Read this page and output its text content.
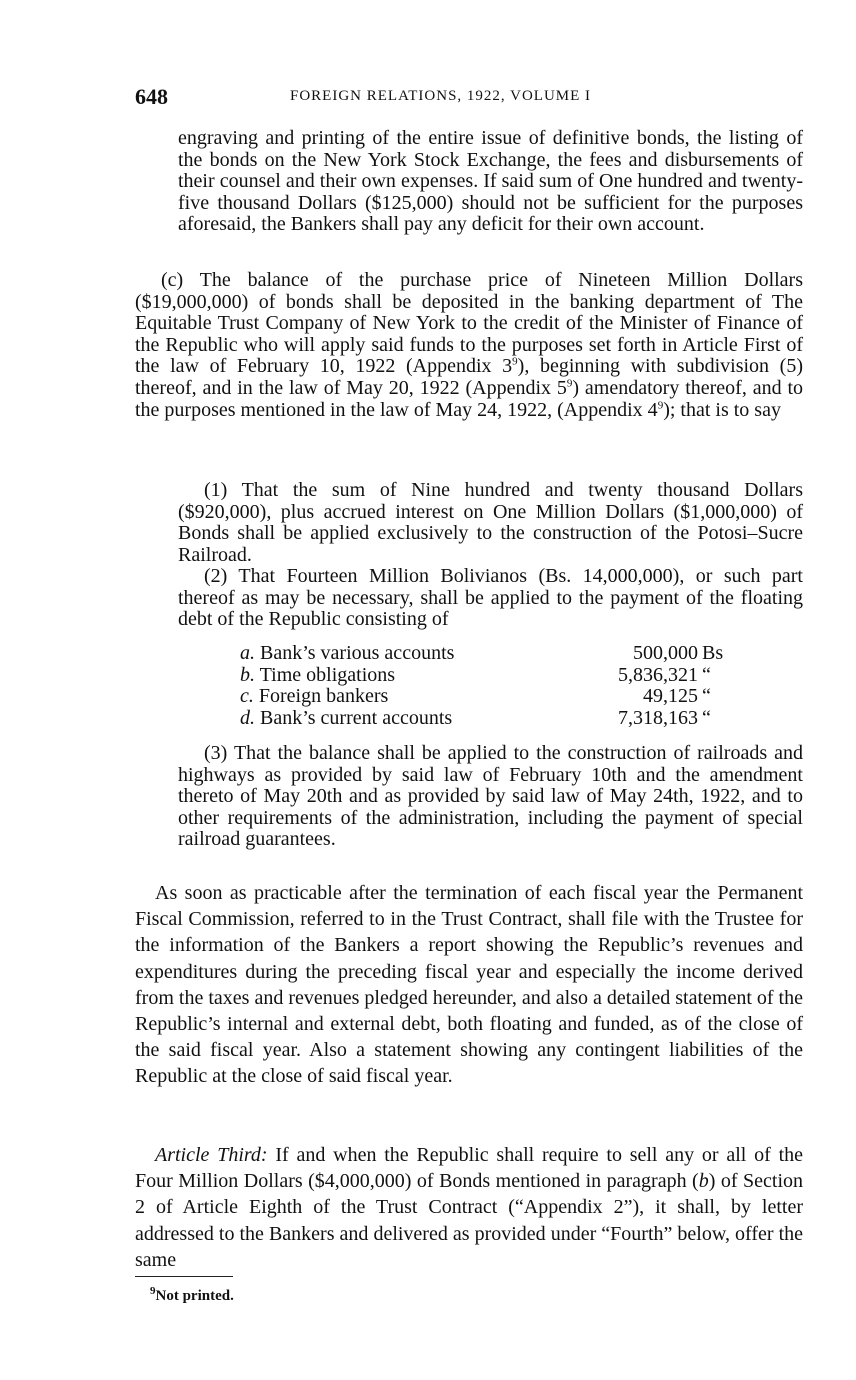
648	FOREIGN RELATIONS, 1922, VOLUME I

engraving and printing of the entire issue of definitive bonds, the listing of the bonds on the New York Stock Exchange, the fees and disbursements of their counsel and their own expenses. If said sum of One hundred and twenty-five thousand Dollars ($125,000) should not be sufficient for the purposes aforesaid, the Bankers shall pay any deficit for their own account.

(c) The balance of the purchase price of Nineteen Million Dollars ($19,000,000) of bonds shall be deposited in the banking department of The Equitable Trust Company of New York to the credit of the Minister of Finance of the Republic who will apply said funds to the purposes set forth in Article First of the law of February 10, 1922 (Appendix $3^9$), beginning with subdivision (5) thereof, and in the law of May 20, 1922 (Appendix $5^9$) amendatory thereof, and to the purposes mentioned in the law of May 24, 1922, (Appendix $4^9$); that is to say

(1) That the sum of Nine hundred and twenty thousand Dollars ($920,000), plus accrued interest on One Million Dollars ($1,000,000) of Bonds shall be applied exclusively to the construction of the Potosi–Sucre Railroad.

(2) That Fourteen Million Bolivianos (Bs. 14,000,000), or such part thereof as may be necessary, shall be applied to the payment of the floating debt of the Republic consisting of

a. Bank’s various accounts	500,000	Bs
b. Time obligations	5,836,321	“
c. Foreign bankers	49,125	“
d. Bank’s current accounts	7,318,163	“

(3) That the balance shall be applied to the construction of railroads and highways as provided by said law of February 10th and the amendment thereto of May 20th and as provided by said law of May 24th, 1922, and to other requirements of the administration, including the payment of special railroad guarantees.

As soon as practicable after the termination of each fiscal year the Permanent Fiscal Commission, referred to in the Trust Contract, shall file with the Trustee for the information of the Bankers a report showing the Republic’s revenues and expenditures during the preceding fiscal year and especially the income derived from the taxes and revenues pledged hereunder, and also a detailed statement of the Republic’s internal and external debt, both floating and funded, as of the close of the said fiscal year. Also a statement showing any contingent liabilities of the Republic at the close of said fiscal year.

Article Third: If and when the Republic shall require to sell any or all of the Four Million Dollars ($4,000,000) of Bonds mentioned in paragraph (b) of Section 2 of Article Eighth of the Trust Contract (“Appendix 2”), it shall, by letter addressed to the Bankers and delivered as provided under “Fourth” below, offer the same

$^9$Not printed.
